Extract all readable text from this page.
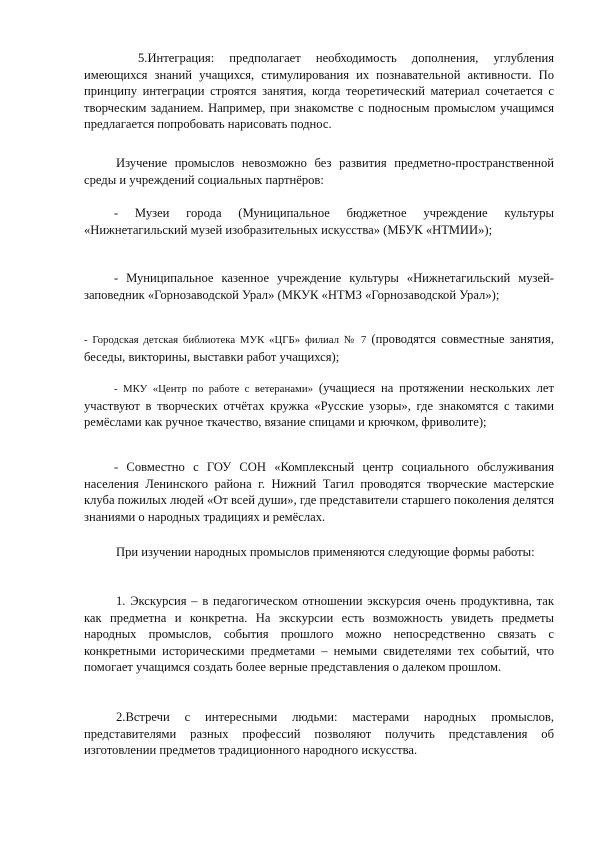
5.Интеграция: предполагает необходимость дополнения, углубления имеющихся знаний учащихся, стимулирования их познавательной активности. По принципу интеграции строятся занятия, когда теоретический материал сочетается с творческим заданием. Например, при знакомстве с подносным промыслом учащимся предлагается попробовать нарисовать поднос.

Изучение промыслов невозможно без развития предметно-пространственной среды и учреждений социальных партнёров:

- Музеи города (Муниципальное бюджетное учреждение культуры «Нижнетагильский музей изобразительных искусства» (МБУК «НТМИИ»);

- Муниципальное казенное учреждение культуры «Нижнетагильский музей-заповедник «Горнозаводской Урал» (МКУК «НТМЗ «Горнозаводской Урал»);

- Городская детская библиотека МУК «ЦГБ» филиал № 7 (проводятся совместные занятия, беседы, викторины, выставки работ учащихся);

- МКУ «Центр по работе с ветеранами» (учащиеся на протяжении нескольких лет участвуют в творческих отчётах кружка «Русские узоры», где знакомятся с такими ремёслами как ручное ткачество, вязание спицами и крючком, фриволите);

- Совместно с ГОУ СОН «Комплексный центр социального обслуживания населения Ленинского района г. Нижний Тагил проводятся творческие мастерские клуба пожилых людей «От всей души», где представители старшего поколения делятся знаниями о народных традициях и ремёслах.

При изучении народных промыслов применяются следующие формы работы:

1. Экскурсия – в педагогическом отношении экскурсия очень продуктивна, так как предметна и конкретна. На экскурсии есть возможность увидеть предметы народных промыслов, события прошлого можно непосредственно связать с конкретными историческими предметами – немыми свидетелями тех событий, что помогает учащимся создать более верные представления о далеком прошлом.

2.Встречи с интересными людьми: мастерами народных промыслов, представителями разных профессий позволяют получить представления об изготовлении предметов традиционного народного искусства.
